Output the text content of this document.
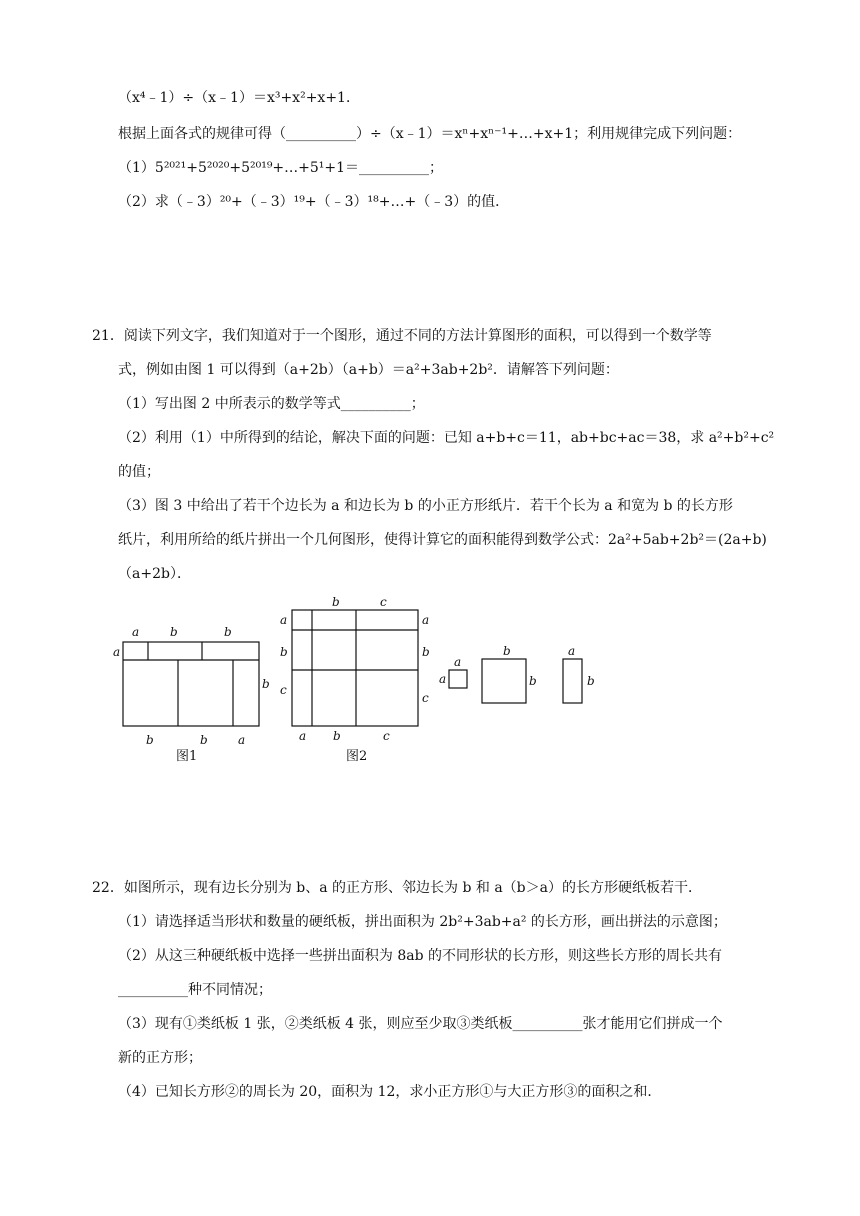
（x⁴﹣1）÷（x﹣1）＝x³+x²+x+1．
根据上面各式的规律可得（__________）÷（x﹣1）＝xⁿ+xⁿ⁻¹+…+x+1；利用规律完成下列问题：
（1）5²⁰²¹+5²⁰²⁰+5²⁰¹⁹+…+5¹+1＝__________；
（2）求（﹣3）²⁰+（﹣3）¹⁹+（﹣3）¹⁸+…+（﹣3）的值．
21．阅读下列文字，我们知道对于一个图形，通过不同的方法计算图形的面积，可以得到一个数学等
式，例如由图 1 可以得到（a+2b）（a+b）＝a²+3ab+2b²．请解答下列问题：
（1）写出图 2 中所表示的数学等式__________；
（2）利用（1）中所得到的结论，解决下面的问题：已知 a+b+c＝11，ab+bc+ac＝38，求 a²+b²+c²
的值；
（3）图 3 中给出了若干个边长为 a 和边长为 b 的小正方形纸片．若干个长为 a 和宽为 b 的长方形
纸片，利用所给的纸片拼出一个几何图形，使得计算它的面积能得到数学公式：2a²+5ab+2b²＝(2a+b)
（a+2b）．
a	b	b
a
b
b	b	a
图1
b	c
a
b
c
a
b
c
a b	c
图2
a
a
b
b
a
b
22．如图所示，现有边长分别为 b、a 的正方形、邻边长为 b 和 a（b＞a）的长方形硬纸板若干．
（1）请选择适当形状和数量的硬纸板，拼出面积为 2b²+3ab+a² 的长方形，画出拼法的示意图；
（2）从这三种硬纸板中选择一些拼出面积为 8ab 的不同形状的长方形，则这些长方形的周长共有
__________种不同情况；
（3）现有①类纸板 1 张，②类纸板 4 张，则应至少取③类纸板__________张才能用它们拼成一个
新的正方形；
（4）已知长方形②的周长为 20，面积为 12，求小正方形①与大正方形③的面积之和．
